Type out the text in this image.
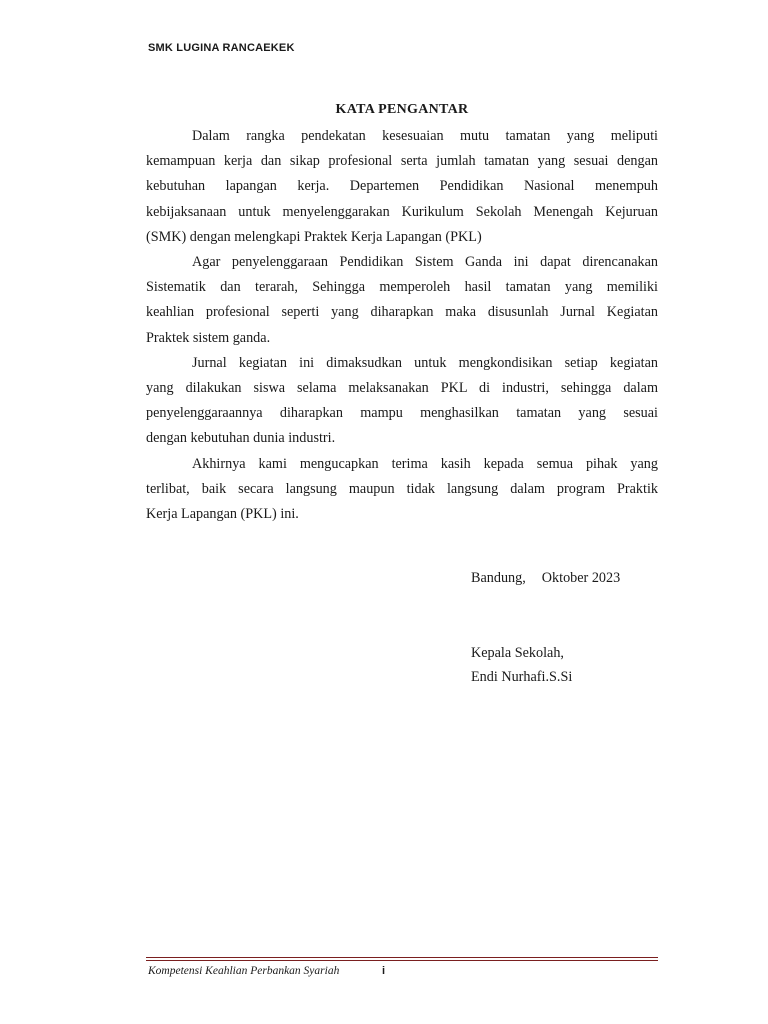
SMK LUGINA RANCAEKEK
KATA PENGANTAR
Dalam rangka pendekatan kesesuaian mutu tamatan yang meliputi
kemampuan kerja dan sikap profesional serta jumlah tamatan yang sesuai dengan
kebutuhan lapangan kerja. Departemen Pendidikan Nasional menempuh
kebijaksanaan untuk menyelenggarakan Kurikulum Sekolah Menengah Kejuruan
(SMK) dengan melengkapi Praktek Kerja Lapangan (PKL)
Agar penyelenggaraan Pendidikan Sistem Ganda ini dapat direncanakan
Sistematik dan terarah, Sehingga memperoleh hasil tamatan yang memiliki
keahlian profesional seperti yang diharapkan maka disusunlah Jurnal Kegiatan
Praktek sistem ganda.
Jurnal kegiatan ini dimaksudkan untuk mengkondisikan setiap kegiatan
yang dilakukan siswa selama melaksanakan PKL di industri, sehingga dalam
penyelenggaraannya diharapkan mampu menghasilkan tamatan yang sesuai
dengan kebutuhan dunia industri.
Akhirnya kami mengucapkan terima kasih kepada semua pihak yang
terlibat, baik secara langsung maupun tidak langsung dalam program Praktik
Kerja Lapangan (PKL) ini.
Bandung, Oktober 2023
Kepala Sekolah,
Endi Nurhafi.S.Si
Kompetensi Keahlian Perbankan Syariah	i
